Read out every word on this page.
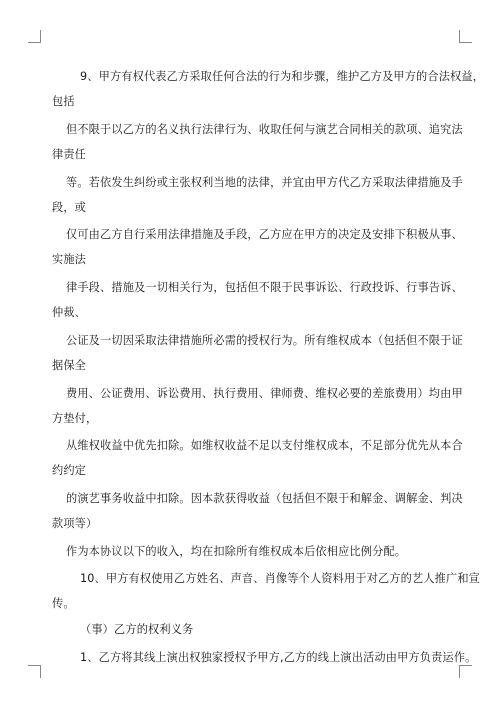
9、甲方有权代表乙方采取任何合法的行为和步骤，维护乙方及甲方的合法权益，
包括
但不限于以乙方的名义执行法律行为、收取任何与演艺合同相关的款项、追究法
律责任
等。若依发生纠纷或主张权利当地的法律，并宜由甲方代乙方采取法律措施及手
段，或
仅可由乙方自行采用法律措施及手段，乙方应在甲方的决定及安排下积极从事、
实施法
律手段、措施及一切相关行为，包括但不限于民事诉讼、行政投诉、行事告诉、
仲裁、
公证及一切因采取法律措施所必需的授权行为。所有维权成本（包括但不限于证
据保全
费用、公证费用、诉讼费用、执行费用、律师费、维权必要的差旅费用）均由甲
方垫付，
从维权收益中优先扣除。如维权收益不足以支付维权成本，不足部分优先从本合
约约定
的演艺事务收益中扣除。因本款获得收益（包括但不限于和解金、调解金、判决
款项等）
作为本协议以下的收入，均在扣除所有维权成本后依相应比例分配。
10、甲方有权使用乙方姓名、声音、肖像等个人资料用于对乙方的艺人推广和宣
传。
（事）乙方的权利义务
1、乙方将其线上演出权独家授权予甲方,乙方的线上演出活动由甲方负责运作。
